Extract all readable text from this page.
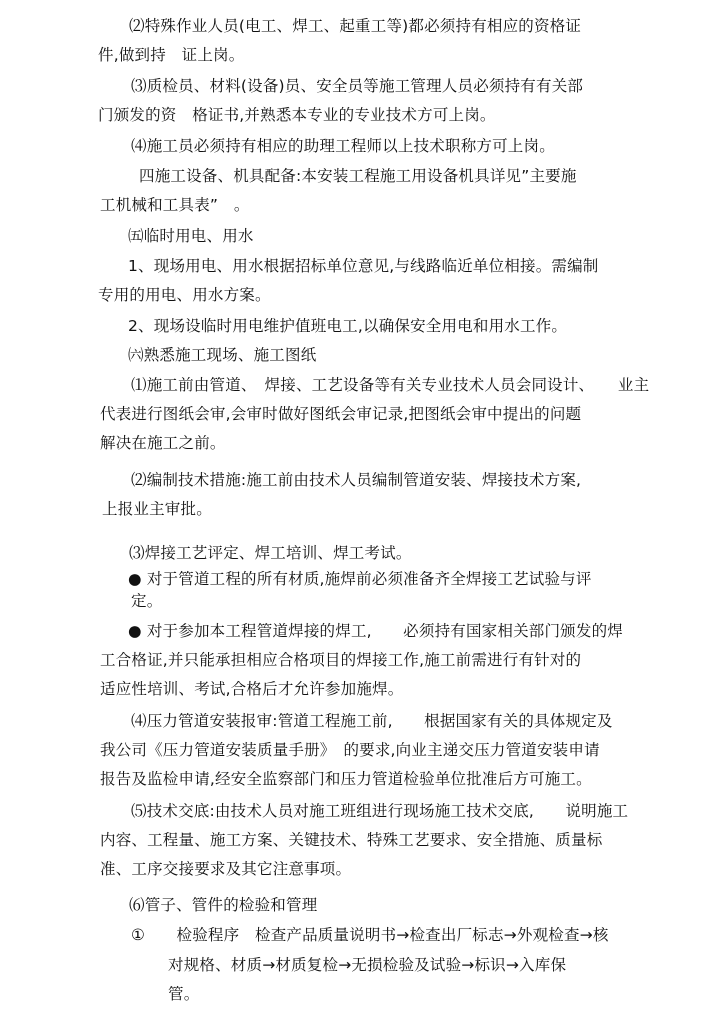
⑵特殊作业人员(电工、焊工、起重工等)都必须持有相应的资格证
件,做到持　证上岗。
⑶质检员、材料(设备)员、安全员等施工管理人员必须持有有关部
门颁发的资　格证书,并熟悉本专业的专业技术方可上岗。
⑷施工员必须持有相应的助理工程师以上技术职称方可上岗。
四施工设备、机具配备:本安装工程施工用设备机具详见”主要施
工机械和工具表”　。
㈤临时用电、用水
1、现场用电、用水根据招标单位意见,与线路临近单位相接。需编制
专用的用电、用水方案。
2、现场设临时用电维护值班电工,以确保安全用电和用水工作。
㈥熟悉施工现场、施工图纸
⑴施工前由管道、　焊接、工艺设备等有关专业技术人员会同设计、　　业主
代表进行图纸会审,会审时做好图纸会审记录,把图纸会审中提出的问题
解决在施工之前。
⑵编制技术措施:施工前由技术人员编制管道安装、焊接技术方案,
上报业主审批。
⑶焊接工艺评定、焊工培训、焊工考试。
● 对于管道工程的所有材质,施焊前必须准备齐全焊接工艺试验与评
定。
● 对于参加本工程管道焊接的焊工,　　必须持有国家相关部门颁发的焊
工合格证,并只能承担相应合格项目的焊接工作,施工前需进行有针对的
适应性培训、考试,合格后才允许参加施焊。
⑷压力管道安装报审:管道工程施工前,　　根据国家有关的具体规定及
我公司《压力管道安装质量手册》　的要求,向业主递交压力管道安装申请
报告及监检申请,经安全监察部门和压力管道检验单位批准后方可施工。
⑸技术交底:由技术人员对施工班组进行现场施工技术交底,　　说明施工
内容、工程量、施工方案、关键技术、特殊工艺要求、安全措施、质量标
准、工序交接要求及其它注意事项。
⑹管子、管件的检验和管理
①　　检验程序　检查产品质量说明书→检查出厂标志→外观检查→核
对规格、材质→材质复检→无损检验及试验→标识→入库保
管。
